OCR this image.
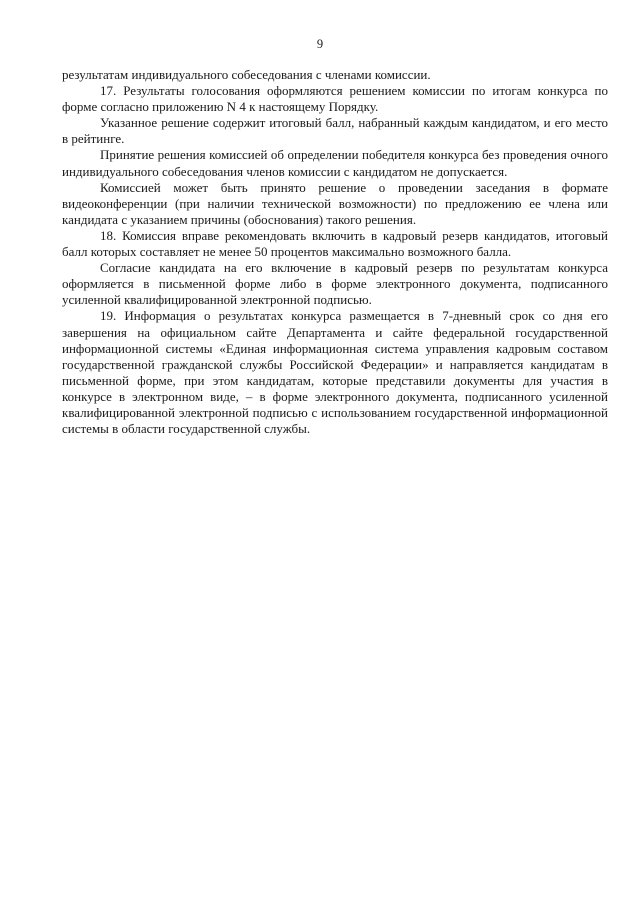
9

результатам индивидуального собеседования с членами комиссии.

17. Результаты голосования оформляются решением комиссии по итогам конкурса по форме согласно приложению N 4 к настоящему Порядку.

Указанное решение содержит итоговый балл, набранный каждым кандидатом, и его место в рейтинге.

Принятие решения комиссией об определении победителя конкурса без проведения очного индивидуального собеседования членов комиссии с кандидатом не допускается.

Комиссией может быть принято решение о проведении заседания в формате видеоконференции (при наличии технической возможности) по предложению ее члена или кандидата с указанием причины (обоснования) такого решения.

18. Комиссия вправе рекомендовать включить в кадровый резерв кандидатов, итоговый балл которых составляет не менее 50 процентов максимально возможного балла.

Согласие кандидата на его включение в кадровый резерв по результатам конкурса оформляется в письменной форме либо в форме электронного документа, подписанного усиленной квалифицированной электронной подписью.

19. Информация о результатах конкурса размещается в 7-дневный срок со дня его завершения на официальном сайте Департамента и сайте федеральной государственной информационной системы «Единая информационная система управления кадровым составом государственной гражданской службы Российской Федерации» и направляется кандидатам в письменной форме, при этом кандидатам, которые представили документы для участия в конкурсе в электронном виде, – в форме электронного документа, подписанного усиленной квалифицированной электронной подписью с использованием государственной информационной системы в области государственной службы.
